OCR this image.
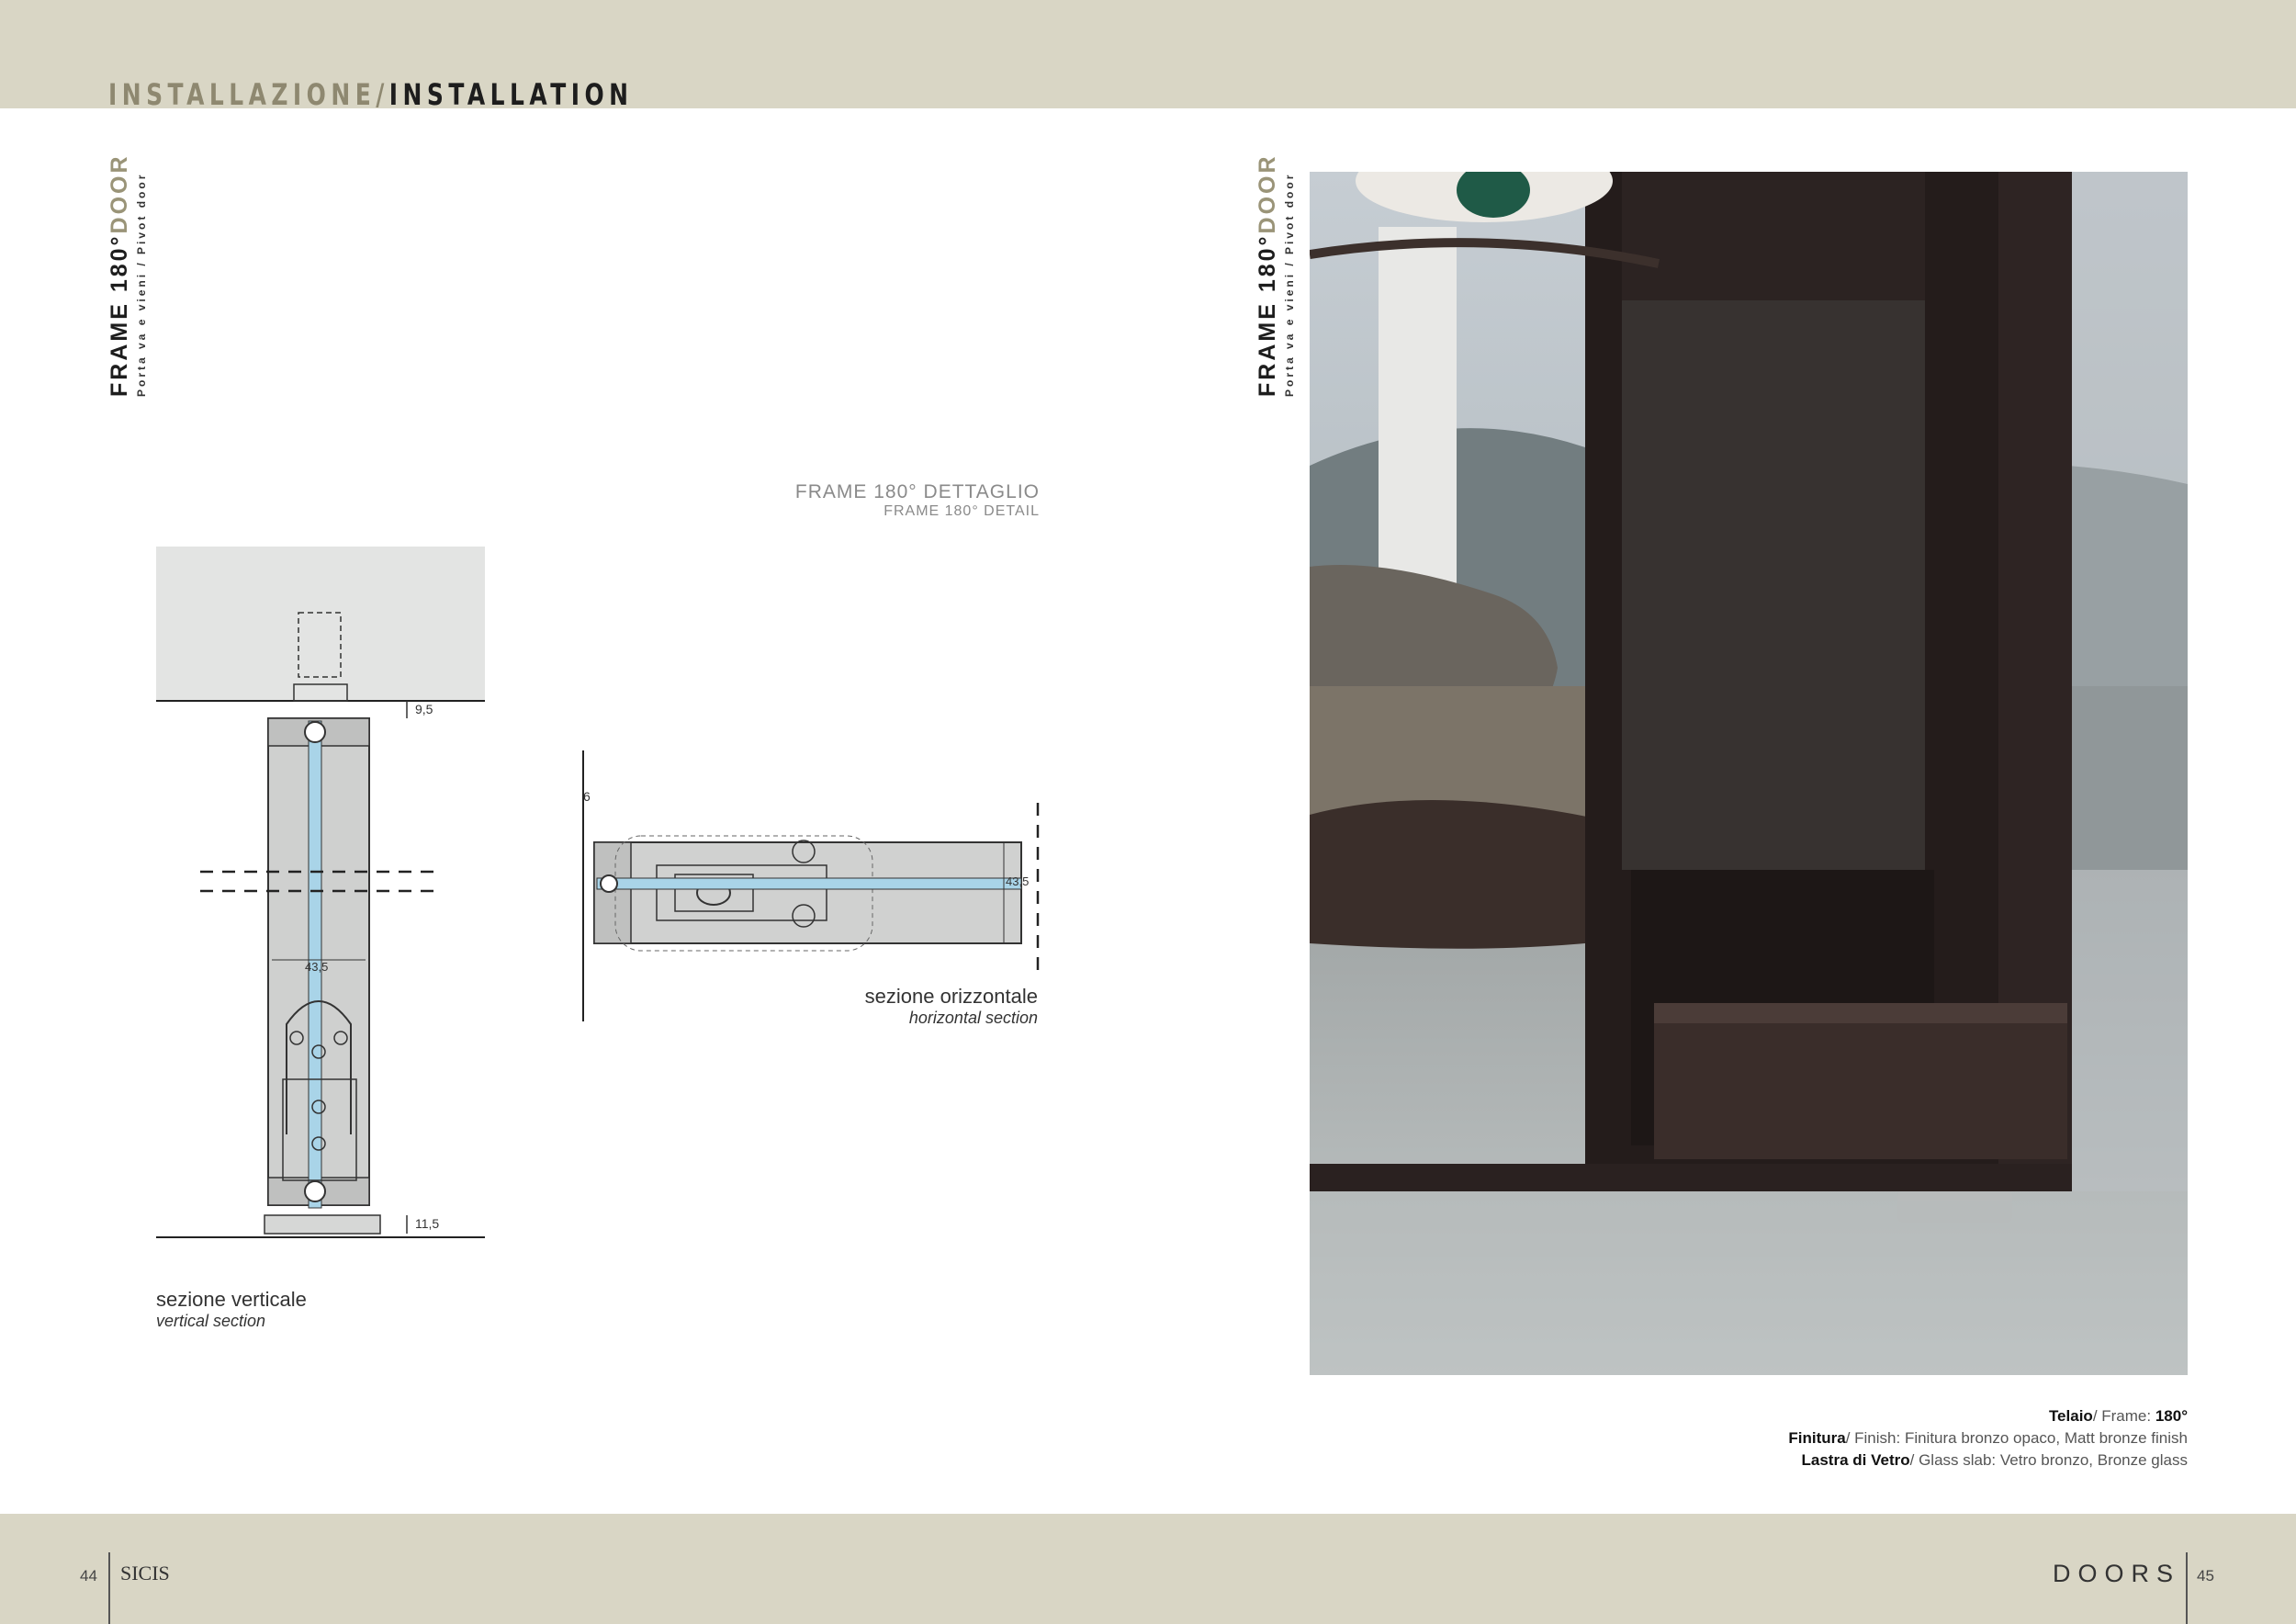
INSTALLAZIONE/INSTALLATION
FRAME 180°DOOR Porta va e vieni / Pivot door	FRAME 180°DOOR Porta va e vieni / Pivot door
FRAME 180° DETTAGLIO
FRAME 180° DETAIL
43,5
9,5
11,5
sezione verticale
vertical section
6
43,5
sezione orizzontale
horizontal section
Telaio/ Frame: 180°
Finitura/ Finish: Finitura bronzo opaco, Matt bronze finish
Lastra di Vetro/ Glass slab: Vetro bronzo, Bronze glass
44 SICIS	DOORS 45
